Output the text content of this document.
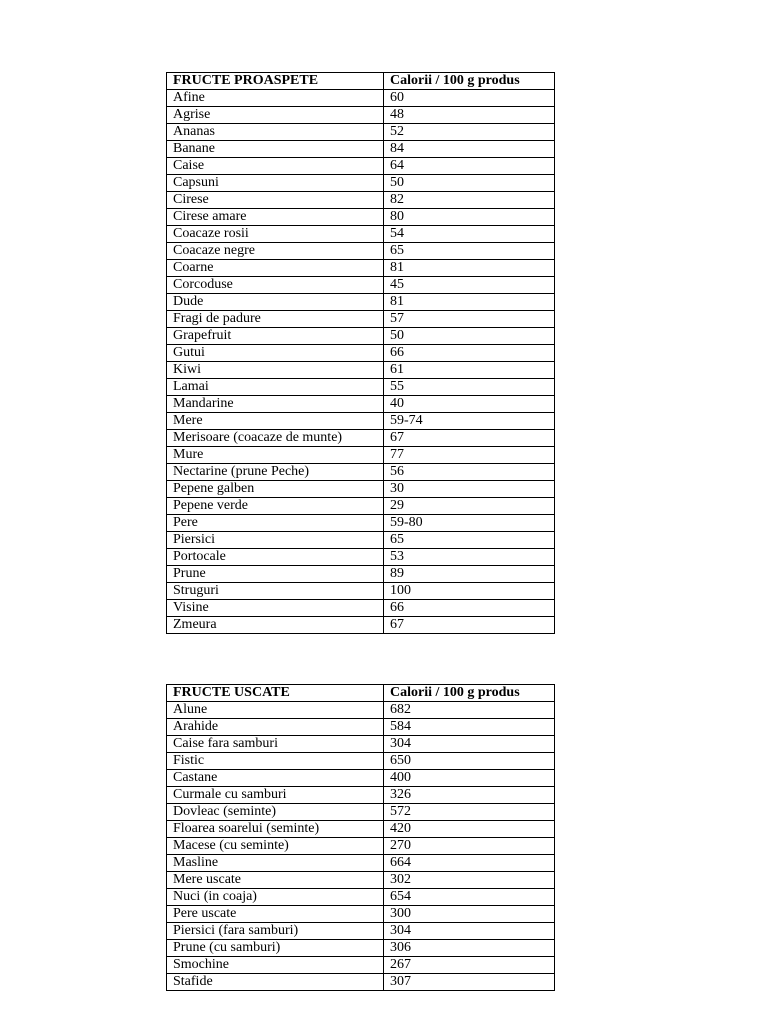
FRUCTE PROASPETE	Calorii / 100 g produs
Afine	60
Agrise	48
Ananas	52
Banane	84
Caise	64
Capsuni	50
Cirese	82
Cirese amare	80
Coacaze rosii	54
Coacaze negre	65
Coarne	81
Corcoduse	45
Dude	81
Fragi de padure	57
Grapefruit	50
Gutui	66
Kiwi	61
Lamai	55
Mandarine	40
Mere	59-74
Merisoare (coacaze de munte)	67
Mure	77
Nectarine (prune Peche)	56
Pepene galben	30
Pepene verde	29
Pere	59-80
Piersici	65
Portocale	53
Prune	89
Struguri	100
Visine	66
Zmeura	67
FRUCTE USCATE	Calorii / 100 g produs
Alune	682
Arahide	584
Caise fara samburi	304
Fistic	650
Castane	400
Curmale cu samburi	326
Dovleac (seminte)	572
Floarea soarelui (seminte)	420
Macese (cu seminte)	270
Masline	664
Mere uscate	302
Nuci (in coaja)	654
Pere uscate	300
Piersici (fara samburi)	304
Prune (cu samburi)	306
Smochine	267
Stafide	307
